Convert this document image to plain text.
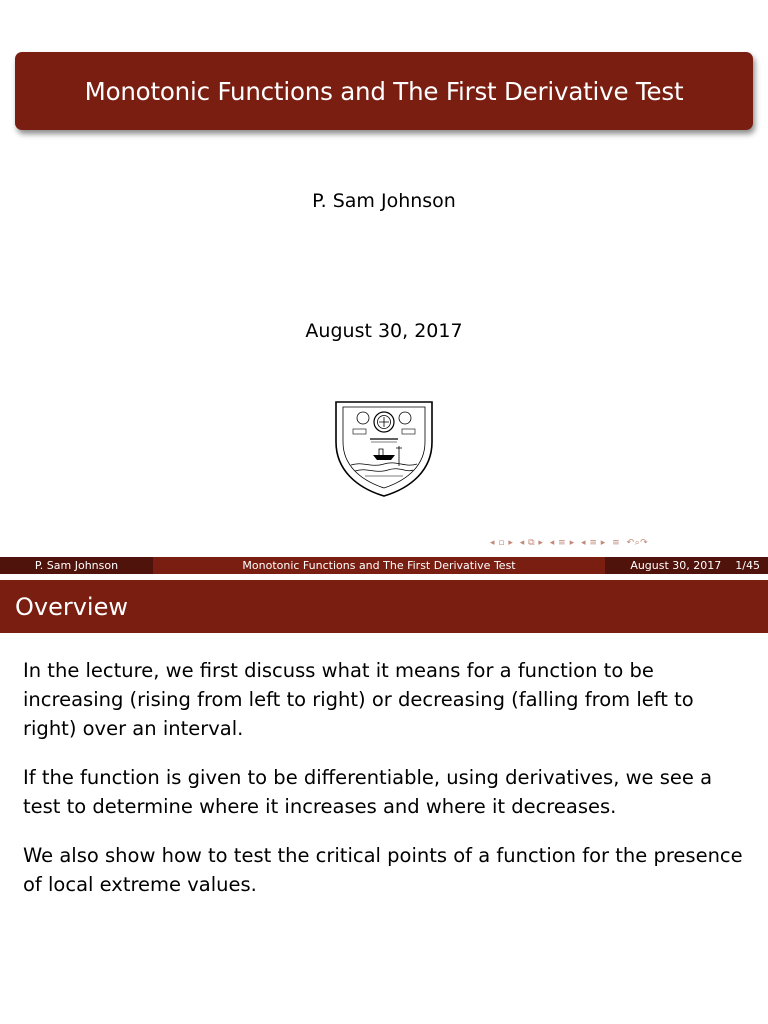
Monotonic Functions and The First Derivative Test
P. Sam Johnson
August 30, 2017
◂ ▫ ▸ ◂ ⧉ ▸ ◂ ≡ ▸ ◂ ≡ ▸ ≡ ↶⌕↷
P. Sam Johnson	Monotonic Functions and The First Derivative Test	August 30, 2017 1/45
Overview

In the lecture, we first discuss what it means for a function to be increasing (rising from left to right) or decreasing (falling from left to right) over an interval.

If the function is given to be differentiable, using derivatives, we see a test to determine where it increases and where it decreases.

We also show how to test the critical points of a function for the presence of local extreme values.
